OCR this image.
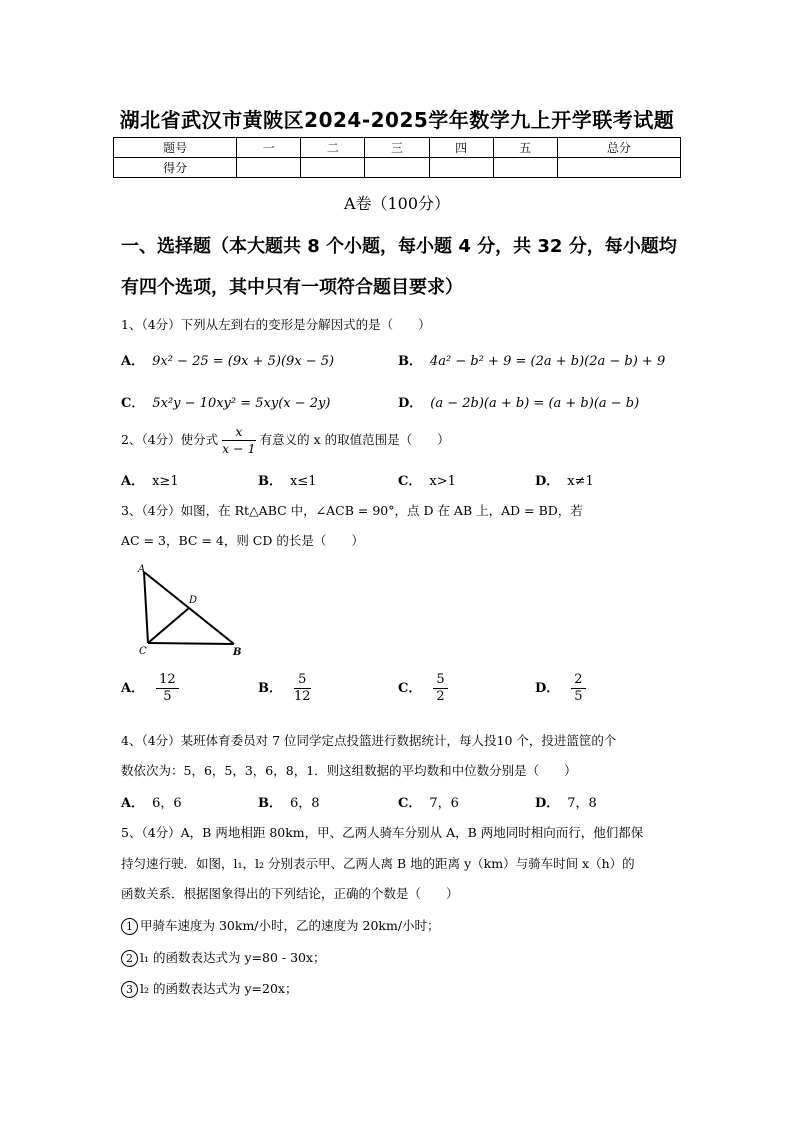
湖北省武汉市黄陂区2024-2025学年数学九上开学联考试题
题号	一	二	三	四	五	总分
得分						
A卷（100分）
一、选择题（本大题共 8 个小题，每小题 4 分，共 32 分，每小题均
有四个选项，其中只有一项符合题目要求）
1、（4分）下列从左到右的变形是分解因式的是（　　）
A． 9x² − 25 = (9x + 5)(9x − 5)	B． 4a² − b² + 9 = (2a + b)(2a − b) + 9
C． 5x²y − 10xy² = 5xy(x − 2y)	D． (a − 2b)(a + b) = (a + b)(a − b)
2、（4分）使分式 $\frac{x}{x - 1}$ 有意义的 x 的取值范围是（　　）
A． x≥1	B． x≤1	C． x>1	D． x≠1
3、（4分）如图，在 Rt△ABC 中，∠ACB = 90°，点 D 在 AB 上，AD = BD，若
AC = 3，BC = 4，则 CD 的长是（　　）
A
D
C	B
A． $\frac{12}{5}$	B． $\frac{5}{12}$	C． $\frac{5}{2}$	D． $\frac{2}{5}$
4、（4分）某班体育委员对 7 位同学定点投篮进行数据统计，每人投10 个，投进篮筐的个
数依次为：5，6，5，3，6，8，1．则这组数据的平均数和中位数分别是（　　）
A． 6，6	B． 6，8	C． 7，6	D． 7，8
5、（4分）A，B 两地相距 80km，甲、乙两人骑车分别从 A，B 两地同时相向而行，他们都保
持匀速行驶．如图，l₁，l₂ 分别表示甲、乙两人离 B 地的距离 y（km）与骑车时间 x（h）的
函数关系．根据图象得出的下列结论，正确的个数是（　　）
1 甲骑车速度为 30km/小时，乙的速度为 20km/小时；
2 l₁ 的函数表达式为 y=80 - 30x；
3 l₂ 的函数表达式为 y=20x；
